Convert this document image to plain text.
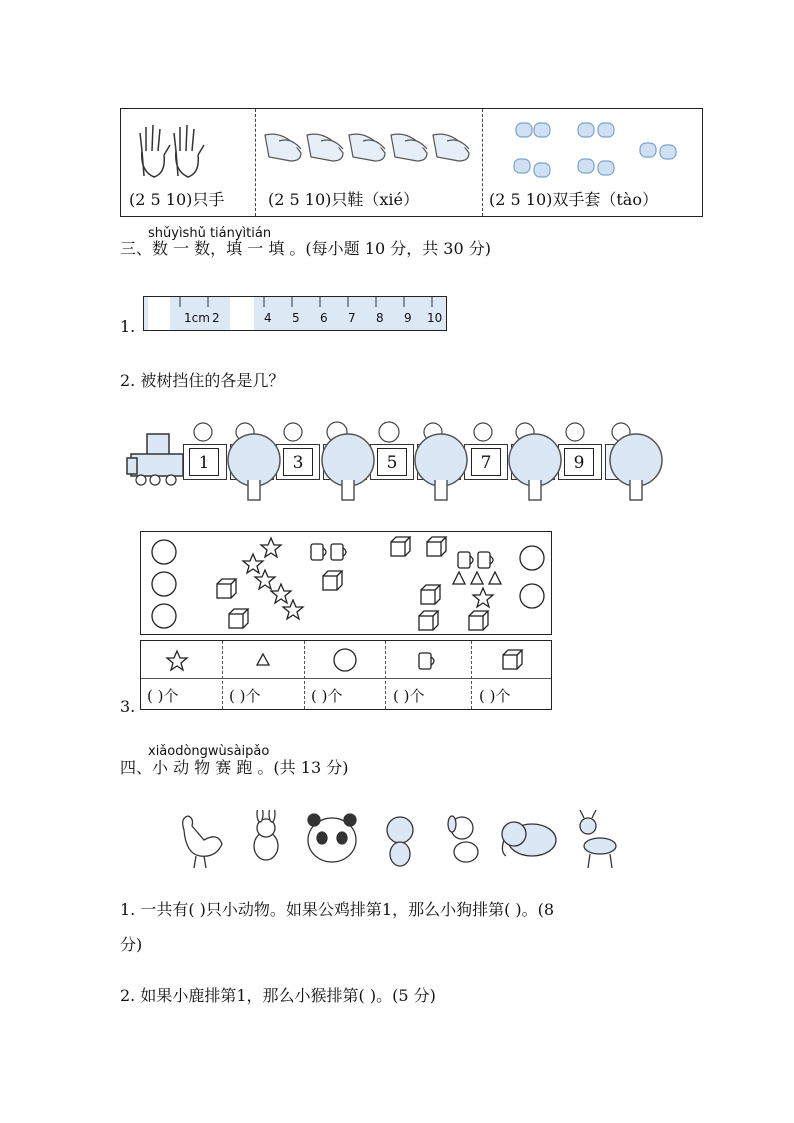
(2 5 10)只手	(2 5 10)只鞋（xié）	(2 5 10)双手套（tào）
shǔyìshǔ tiányìtián
三、数 一 数，填 一 填 。(每小题 10 分，共 30 分)
1.	1cm 2	4 5 6 7 8 9 10
2. 被树挡住的各是几？
1	3	5	7	9
3.
( )个	( )个	( )个	( )个	( )个
xiǎodòngwùsàipǎo
四、小 动 物 赛 跑 。(共 13 分)
1. 一共有( )只小动物。如果公鸡排第1，那么小狗排第( )。(8
分)
2. 如果小鹿排第1，那么小猴排第( )。(5 分)
